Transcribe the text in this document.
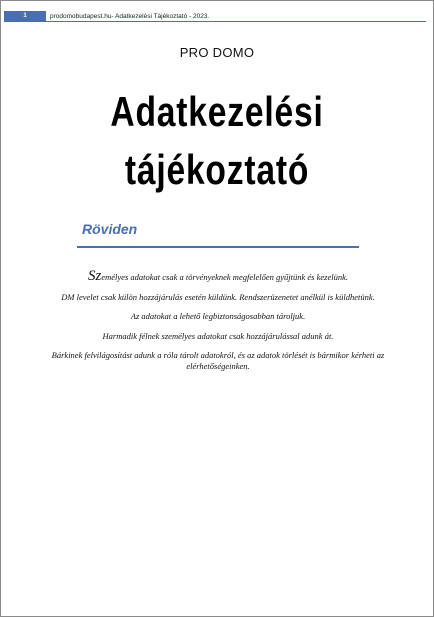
1	prodomobudapest.hu- Adatkezelési Tájékoztató - 2023.
PRO DOMO
Adatkezelési
tájékoztató
Röviden

Személyes adatokat csak a törvényeknek megfelelően gyűjtünk és kezelünk.

DM levelet csak külön hozzájárulás esetén küldünk. Rendszerüzenetet anélkül is küldhetünk.

Az adatokat a lehető legbiztonságosabban tároljuk.

Harmadik félnek személyes adatokat csak hozzájárulással adunk át.

Bárkinek felvilágosítást adunk a róla tárolt adatokról, és az adatok törlését is bármikor kérheti az elérhetőségeinken.
